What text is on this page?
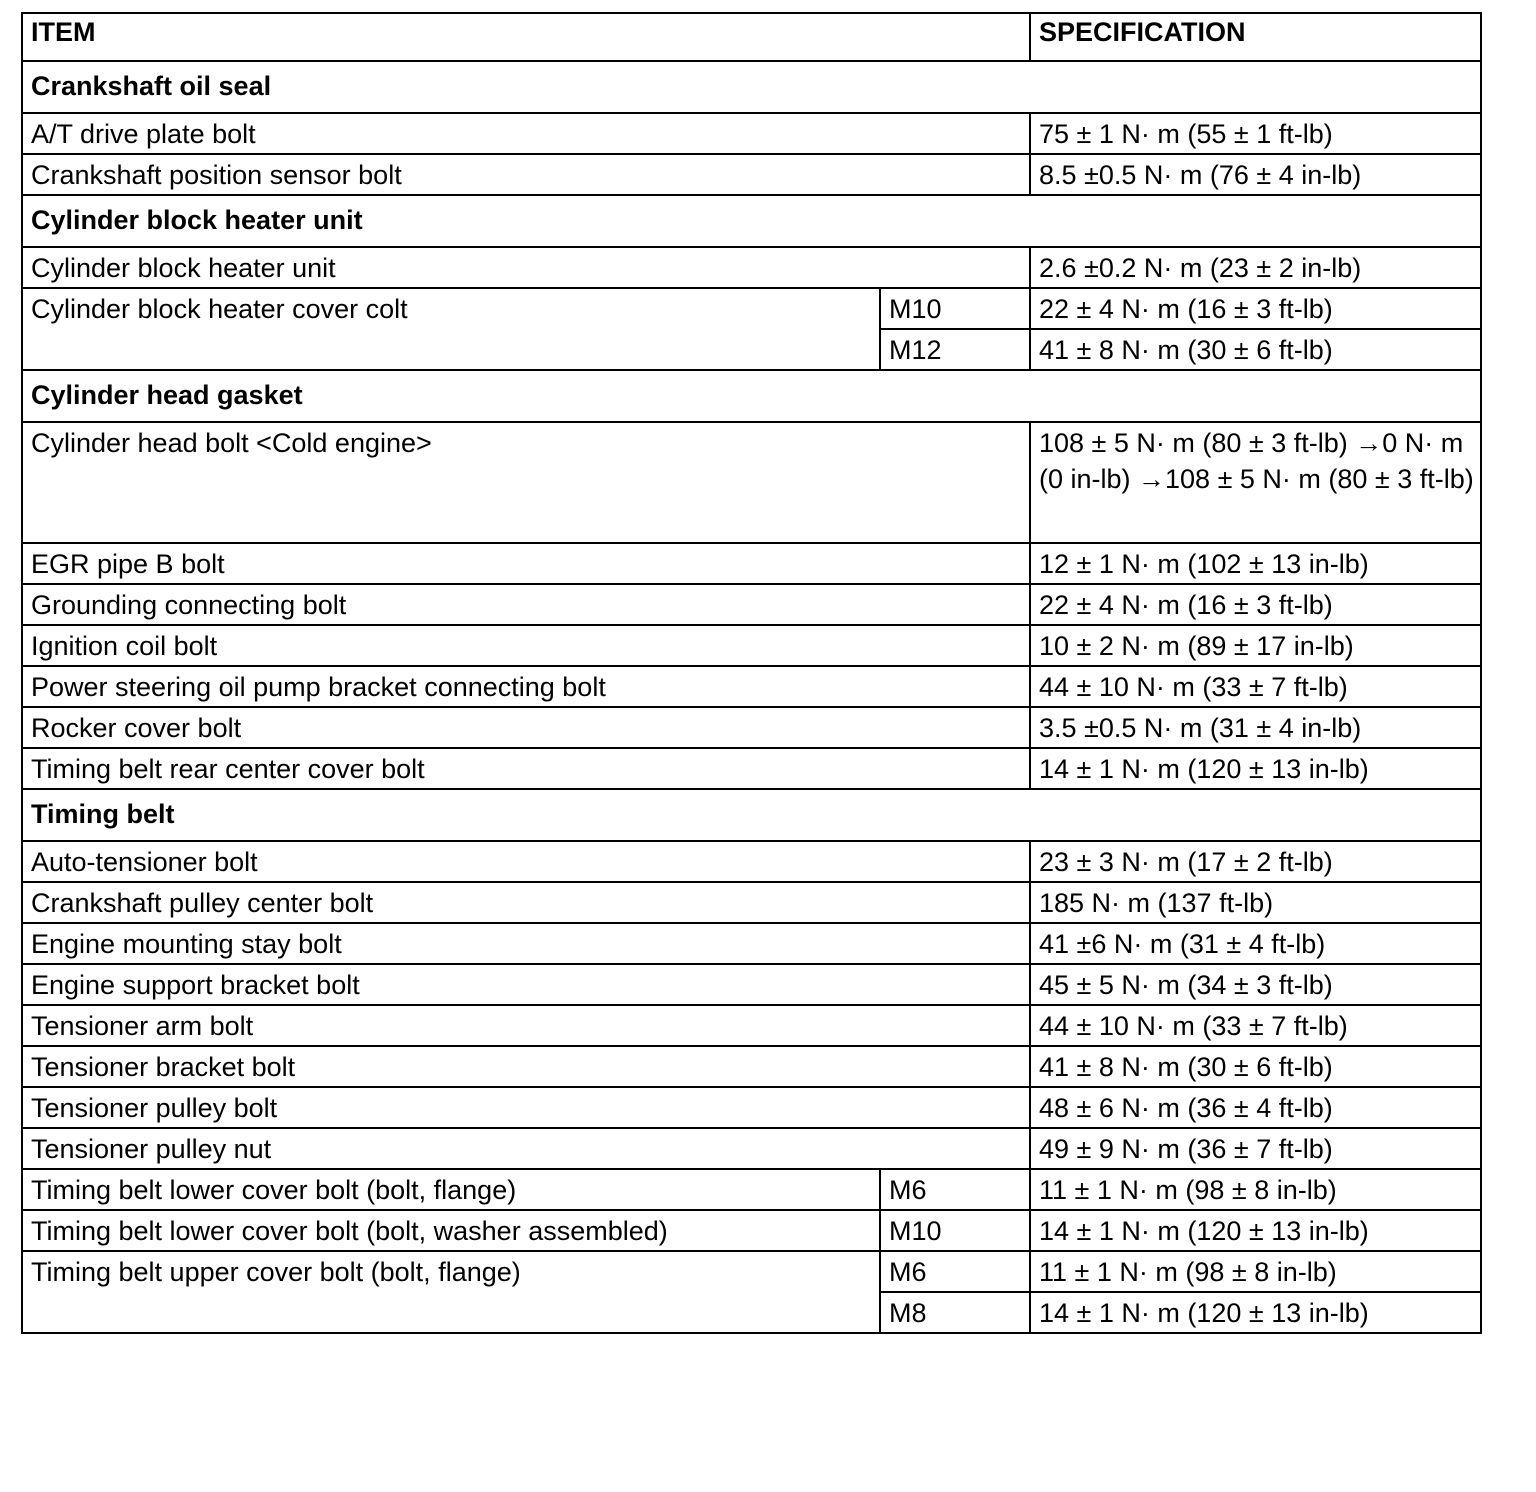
ITEM		SPECIFICATION
Crankshaft oil seal		
A/T drive plate bolt		75 ± 1 N· m (55 ± 1 ft-lb)
Crankshaft position sensor bolt		8.5 ±0.5 N· m (76 ± 4 in-lb)
Cylinder block heater unit		
Cylinder block heater unit		2.6 ±0.2 N· m (23 ± 2 in-lb)
Cylinder block heater cover colt	M10	22 ± 4 N· m (16 ± 3 ft-lb)
	M12	41 ± 8 N· m (30 ± 6 ft-lb)
Cylinder head gasket		
Cylinder head bolt <Cold engine>		108 ± 5 N· m (80 ± 3 ft-lb) →0 N· m (0 in-lb) →108 ± 5 N· m (80 ± 3 ft-lb)
EGR pipe B bolt		12 ± 1 N· m (102 ± 13 in-lb)
Grounding connecting bolt		22 ± 4 N· m (16 ± 3 ft-lb)
Ignition coil bolt		10 ± 2 N· m (89 ± 17 in-lb)
Power steering oil pump bracket connecting bolt		44 ± 10 N· m (33 ± 7 ft-lb)
Rocker cover bolt		3.5 ±0.5 N· m (31 ± 4 in-lb)
Timing belt rear center cover bolt		14 ± 1 N· m (120 ± 13 in-lb)
Timing belt		
Auto-tensioner bolt		23 ± 3 N· m (17 ± 2 ft-lb)
Crankshaft pulley center bolt		185 N· m (137 ft-lb)
Engine mounting stay bolt		41 ±6 N· m (31 ± 4 ft-lb)
Engine support bracket bolt		45 ± 5 N· m (34 ± 3 ft-lb)
Tensioner arm bolt		44 ± 10 N· m (33 ± 7 ft-lb)
Tensioner bracket bolt		41 ± 8 N· m (30 ± 6 ft-lb)
Tensioner pulley bolt		48 ± 6 N· m (36 ± 4 ft-lb)
Tensioner pulley nut		49 ± 9 N· m (36 ± 7 ft-lb)
Timing belt lower cover bolt (bolt, flange)	M6	11 ± 1 N· m (98 ± 8 in-lb)
Timing belt lower cover bolt (bolt, washer assembled)	M10	14 ± 1 N· m (120 ± 13 in-lb)
Timing belt upper cover bolt (bolt, flange)	M6	11 ± 1 N· m (98 ± 8 in-lb)
	M8	14 ± 1 N· m (120 ± 13 in-lb)
